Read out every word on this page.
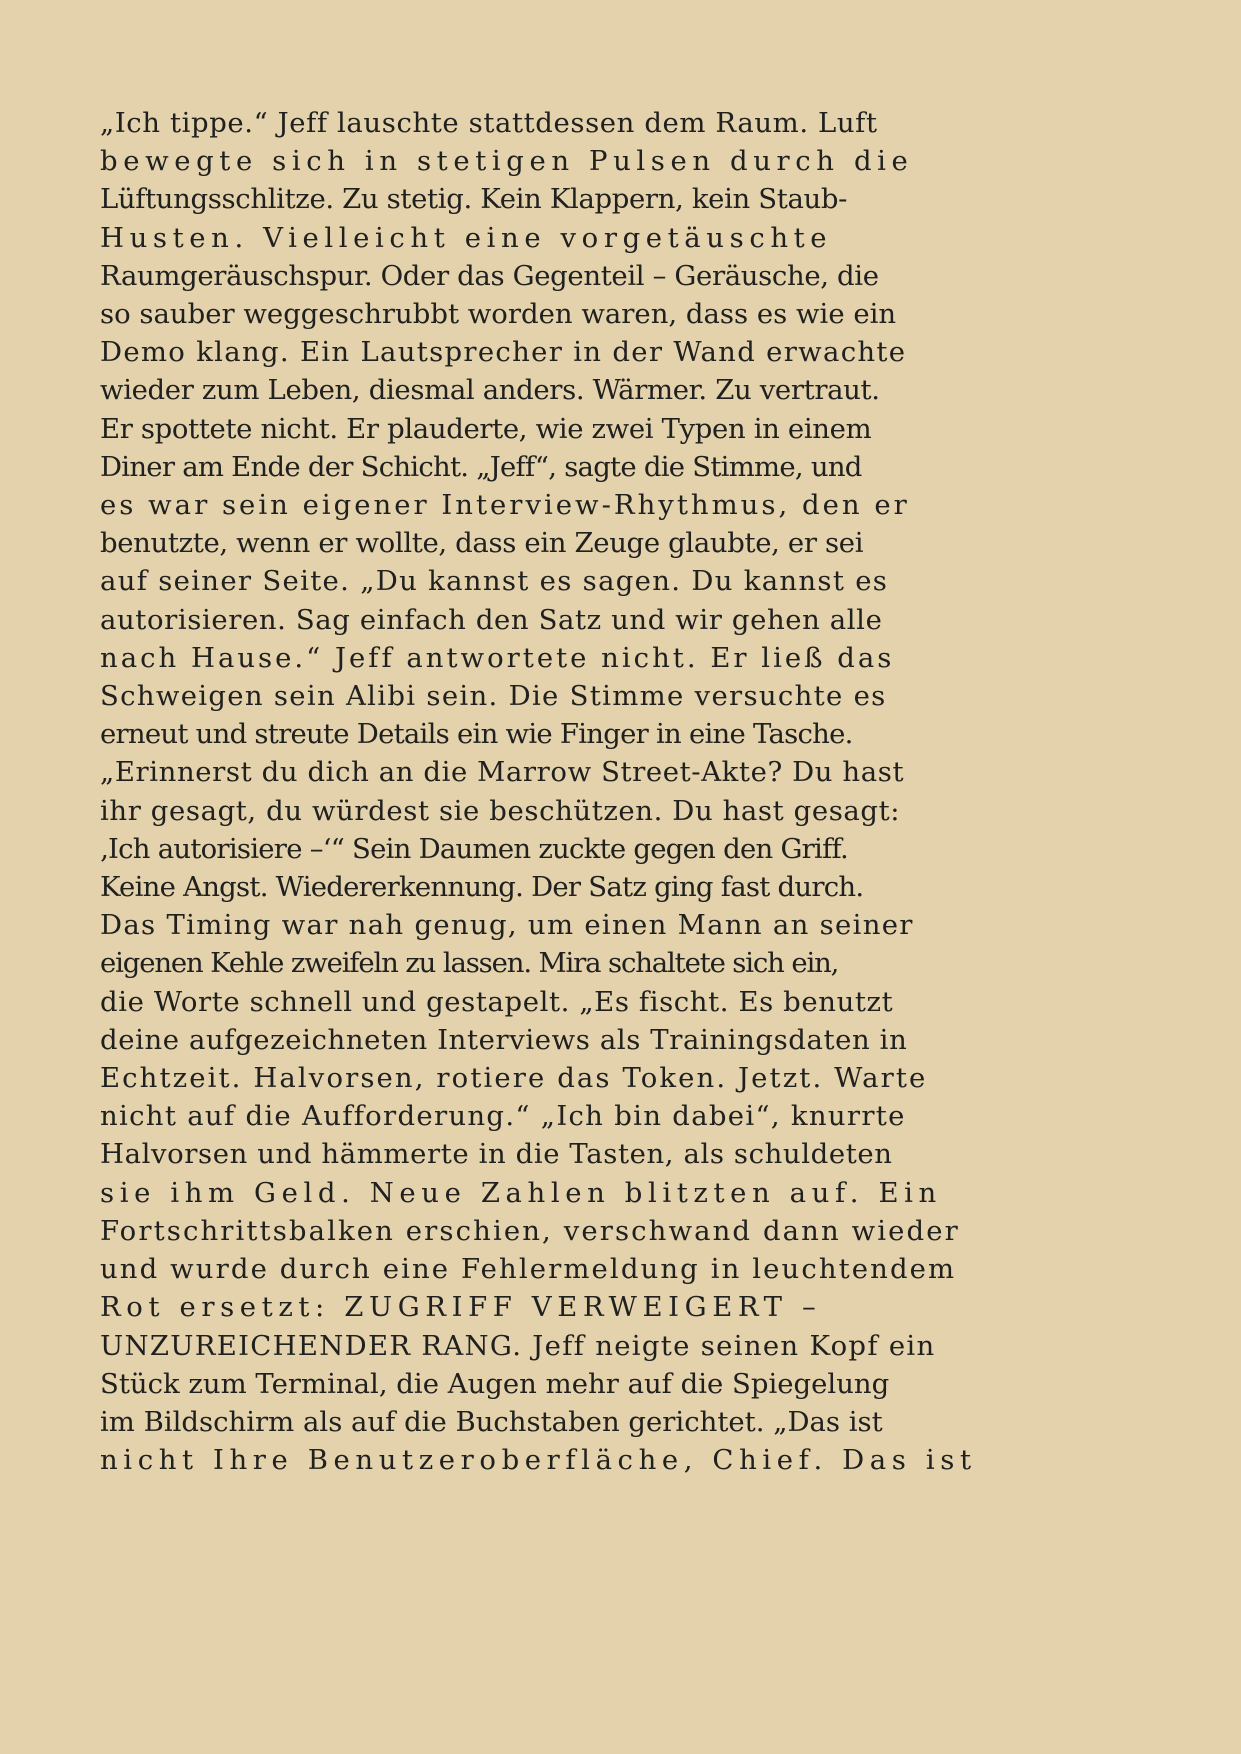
„Ich tippe.“ Jeff lauschte stattdessen dem Raum. Luft
bewegte sich in stetigen Pulsen durch die
Lüftungsschlitze. Zu stetig. Kein Klappern, kein Staub-
Husten. Vielleicht eine vorgetäuschte
Raumgeräuschspur. Oder das Gegenteil – Geräusche, die
so sauber weggeschrubbt worden waren, dass es wie ein
Demo klang. Ein Lautsprecher in der Wand erwachte
wieder zum Leben, diesmal anders. Wärmer. Zu vertraut.
Er spottete nicht. Er plauderte, wie zwei Typen in einem
Diner am Ende der Schicht. „Jeff“, sagte die Stimme, und
es war sein eigener Interview-Rhythmus, den er
benutzte, wenn er wollte, dass ein Zeuge glaubte, er sei
auf seiner Seite. „Du kannst es sagen. Du kannst es
autorisieren. Sag einfach den Satz und wir gehen alle
nach Hause.“ Jeff antwortete nicht. Er ließ das
Schweigen sein Alibi sein. Die Stimme versuchte es
erneut und streute Details ein wie Finger in eine Tasche.
„Erinnerst du dich an die Marrow Street-Akte? Du hast
ihr gesagt, du würdest sie beschützen. Du hast gesagt:
‚Ich autorisiere –‘“ Sein Daumen zuckte gegen den Griff.
Keine Angst. Wiedererkennung. Der Satz ging fast durch.
Das Timing war nah genug, um einen Mann an seiner
eigenen Kehle zweifeln zu lassen. Mira schaltete sich ein,
die Worte schnell und gestapelt. „Es fischt. Es benutzt
deine aufgezeichneten Interviews als Trainingsdaten in
Echtzeit. Halvorsen, rotiere das Token. Jetzt. Warte
nicht auf die Aufforderung.“ „Ich bin dabei“, knurrte
Halvorsen und hämmerte in die Tasten, als schuldeten
sie ihm Geld. Neue Zahlen blitzten auf. Ein
Fortschrittsbalken erschien, verschwand dann wieder
und wurde durch eine Fehlermeldung in leuchtendem
Rot ersetzt: ZUGRIFF VERWEIGERT –
UNZUREICHENDER RANG. Jeff neigte seinen Kopf ein
Stück zum Terminal, die Augen mehr auf die Spiegelung
im Bildschirm als auf die Buchstaben gerichtet. „Das ist
nicht Ihre Benutzeroberfläche, Chief. Das ist
